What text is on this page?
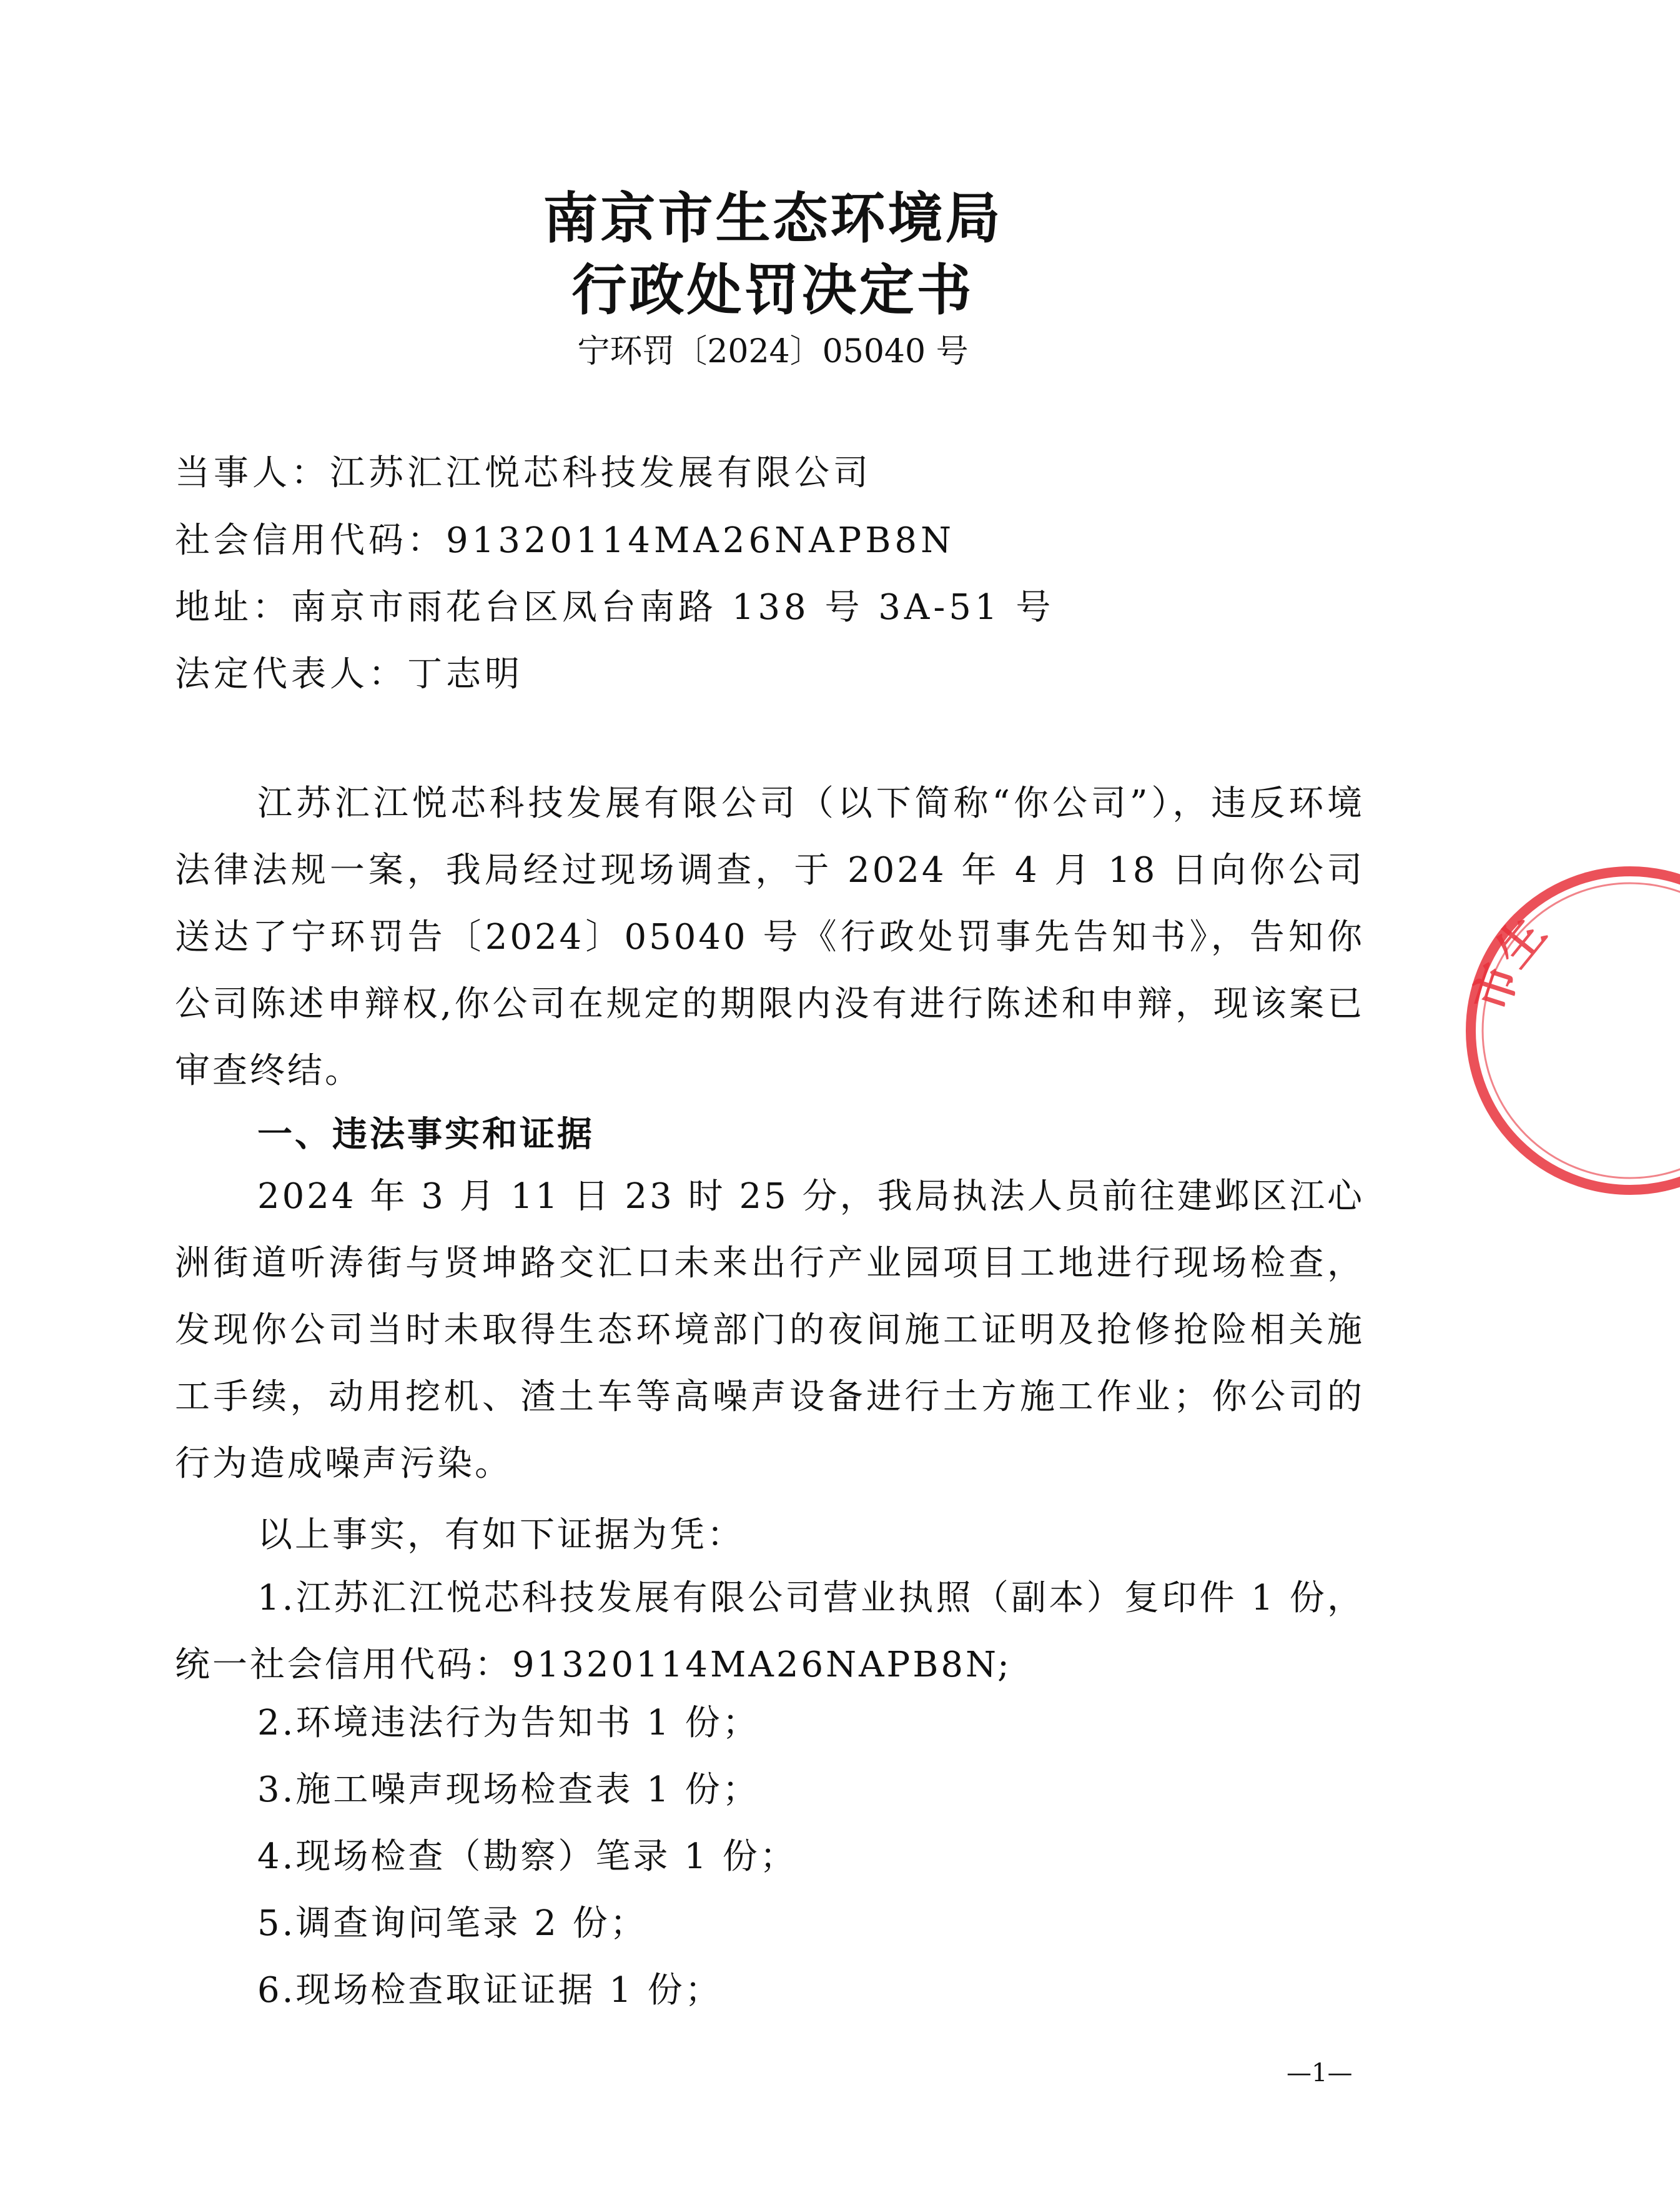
南京市生态环境局
行政处罚决定书
宁环罚〔2024〕05040 号
当事人：江苏汇江悦芯科技发展有限公司
社会信用代码：91320114MA26NAPB8N
地址：南京市雨花台区凤台南路 138 号 3A-51 号
法定代表人：丁志明
江苏汇江悦芯科技发展有限公司（以下简称“你公司”），违反环境法律法规一案，我局经过现场调查，于 2024 年 4 月 18 日向你公司送达了宁环罚告〔2024〕05040 号《行政处罚事先告知书》，告知你公司陈述申辩权,你公司在规定的期限内没有进行陈述和申辩，现该案已审查终结。
一、违法事实和证据
2024 年 3 月 11 日 23 时 25 分，我局执法人员前往建邺区江心洲街道听涛街与贤坤路交汇口未来出行产业园项目工地进行现场检查，发现你公司当时未取得生态环境部门的夜间施工证明及抢修抢险相关施工手续，动用挖机、渣土车等高噪声设备进行土方施工作业；你公司的行为造成噪声污染。
以上事实，有如下证据为凭：
1.江苏汇江悦芯科技发展有限公司营业执照（副本）复印件 1 份，统一社会信用代码：91320114MA26NAPB8N;
2.环境违法行为告知书 1 份；
3.施工噪声现场检查表 1 份；
4.现场检查（勘察）笔录 1 份；
5.调查询问笔录 2 份；
6.现场检查取证证据 1 份；
—1—
市生
